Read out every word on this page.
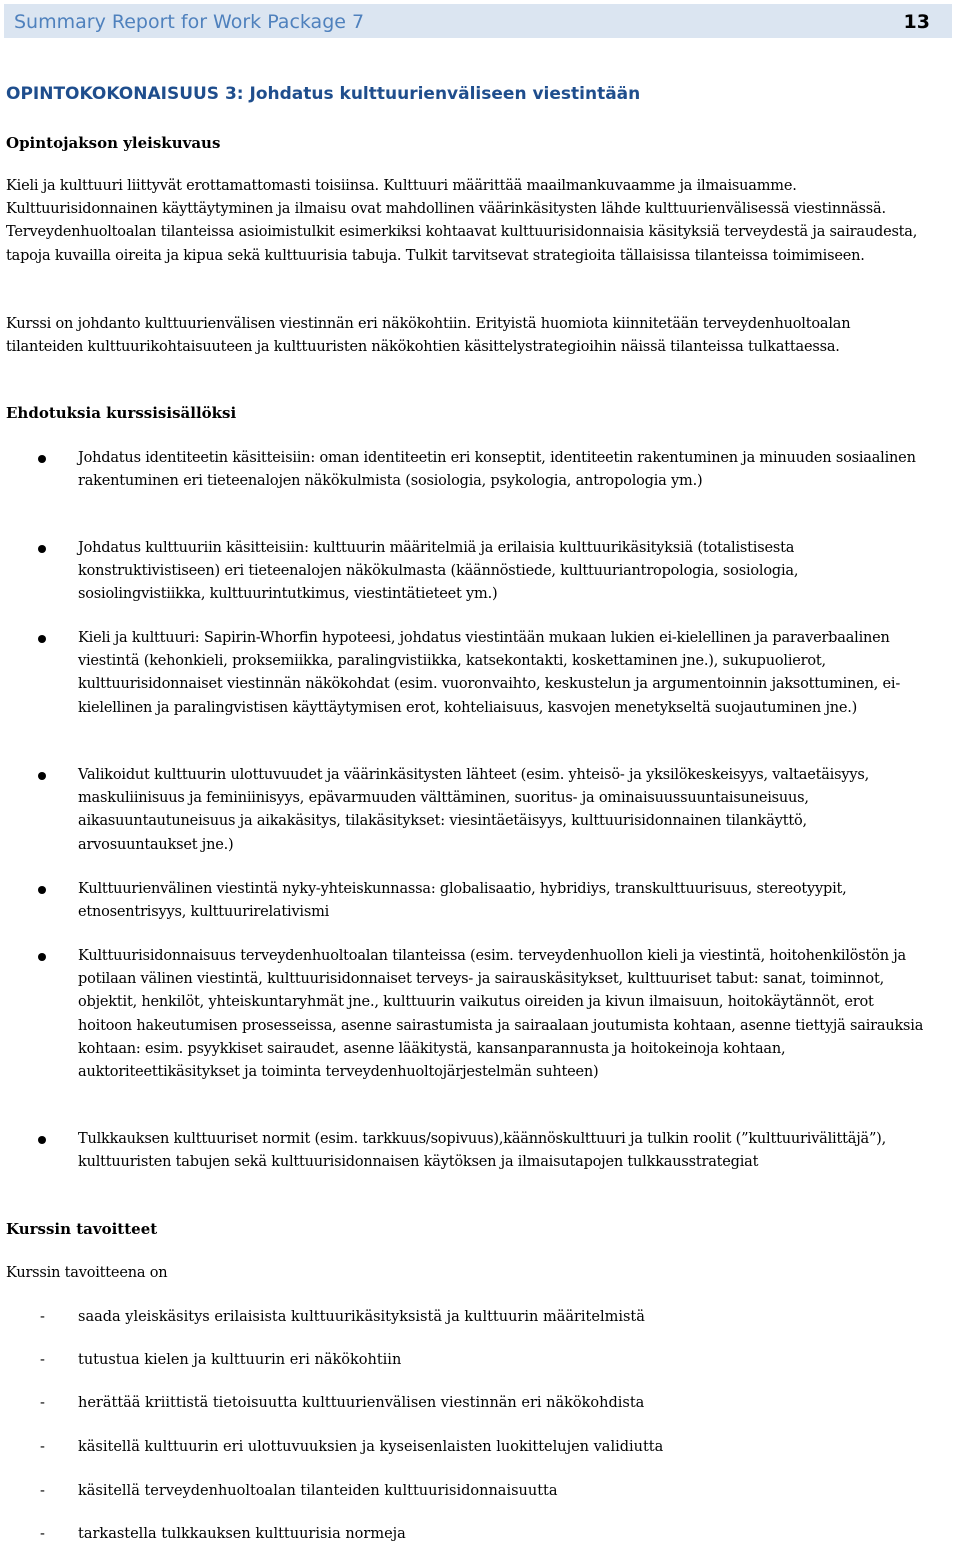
Summary Report for Work Package 7	13
OPINTOKOKONAISUUS 3: Johdatus kulttuurienväliseen viestintään
Opintojakson yleiskuvaus

Kieli ja kulttuuri liittyvät erottamattomasti toisiinsa. Kulttuuri määrittää maailmankuvaamme ja ilmaisuamme. Kulttuurisidonnainen käyttäytyminen ja ilmaisu ovat mahdollinen väärinkäsitysten lähde kulttuurienvälisessä viestinnässä. Terveydenhuoltoalan tilanteissa asioimistulkit esimerkiksi kohtaavat kulttuurisidonnaisia käsityksiä terveydestä ja sairaudesta, tapoja kuvailla oireita ja kipua sekä kulttuurisia tabuja. Tulkit tarvitsevat strategioita tällaisissa tilanteissa toimimiseen.

Kurssi on johdanto kulttuurienvälisen viestinnän eri näkökohtiin. Erityistä huomiota kiinnitetään terveydenhuoltoalan tilanteiden kulttuurikohtaisuuteen ja kulttuuristen näkökohtien käsittelystrategioihin näissä tilanteissa tulkattaessa.

Ehdotuksia kurssisisällöksi

Johdatus identiteetin käsitteisiin: oman identiteetin eri konseptit, identiteetin rakentuminen ja minuuden sosiaalinen rakentuminen eri tieteenalojen näkökulmista (sosiologia, psykologia, antropologia ym.)

Johdatus kulttuuriin käsitteisiin: kulttuurin määritelmiä ja erilaisia kulttuurikäsityksiä (totalistisesta konstruktivistiseen) eri tieteenalojen näkökulmasta (käännöstiede, kulttuuriantropologia, sosiologia, sosiolingvistiikka, kulttuurintutkimus, viestintätieteet ym.)

Kieli ja kulttuuri: Sapirin-Whorfin hypoteesi, johdatus viestintään mukaan lukien ei-kielellinen ja paraverbaalinen viestintä (kehonkieli, proksemiikka, paralingvistiikka, katsekontakti, koskettaminen jne.), sukupuolierot, kulttuurisidonnaiset viestinnän näkökohdat (esim. vuoronvaihto, keskustelun ja argumentoinnin jaksottuminen, ei-kielellinen ja paralingvistisen käyttäytymisen erot, kohteliaisuus, kasvojen menetykseltä suojautuminen jne.)

Valikoidut kulttuurin ulottuvuudet ja väärinkäsitysten lähteet (esim. yhteisö- ja yksilökeskeisyys, valtaetäisyys, maskuliinisuus ja feminiinisyys, epävarmuuden välttäminen, suoritus- ja ominaisuussuuntaisuneisuus, aikasuuntautuneisuus ja aikakäsitys, tilakäsitykset: viesintäetäisyys, kulttuurisidonnainen tilankäyttö, arvosuuntaukset jne.)

Kulttuurienvälinen viestintä nyky-yhteiskunnassa: globalisaatio, hybridiys, transkulttuurisuus, stereotyypit, etnosentrisyys, kulttuurirelativismi

Kulttuurisidonnaisuus terveydenhuoltoalan tilanteissa (esim. terveydenhuollon kieli ja viestintä, hoitohenkilöstön ja potilaan välinen viestintä, kulttuurisidonnaiset terveys- ja sairauskäsitykset, kulttuuriset tabut: sanat, toiminnot, objektit, henkilöt, yhteiskuntaryhmät jne., kulttuurin vaikutus oireiden ja kivun ilmaisuun, hoitokäytännöt, erot hoitoon hakeutumisen prosesseissa, asenne sairastumista ja sairaalaan joutumista kohtaan, asenne tiettyjä sairauksia kohtaan: esim. psyykkiset sairaudet, asenne lääkitystä, kansanparannusta ja hoitokeinoja kohtaan, auktoriteettikäsitykset ja toiminta terveydenhuoltojärjestelmän suhteen)

Tulkkauksen kulttuuriset normit (esim. tarkkuus/sopivuus),käännöskulttuuri ja tulkin roolit (”kulttuurivälittäjä”), kulttuuristen tabujen sekä kulttuurisidonnaisen käytöksen ja ilmaisutapojen tulkkausstrategiat

Kurssin tavoitteet

Kurssin tavoitteena on

- saada yleiskäsitys erilaisista kulttuurikäsityksistä ja kulttuurin määritelmistä
- tutustua kielen ja kulttuurin eri näkökohtiin
- herättää kriittistä tietoisuutta kulttuurienvälisen viestinnän eri näkökohdista
- käsitellä kulttuurin eri ulottuvuuksien ja kyseisenlaisten luokittelujen validiutta
- käsitellä terveydenhuoltoalan tilanteiden kulttuurisidonnaisuutta
- tarkastella tulkkauksen kulttuurisia normeja
